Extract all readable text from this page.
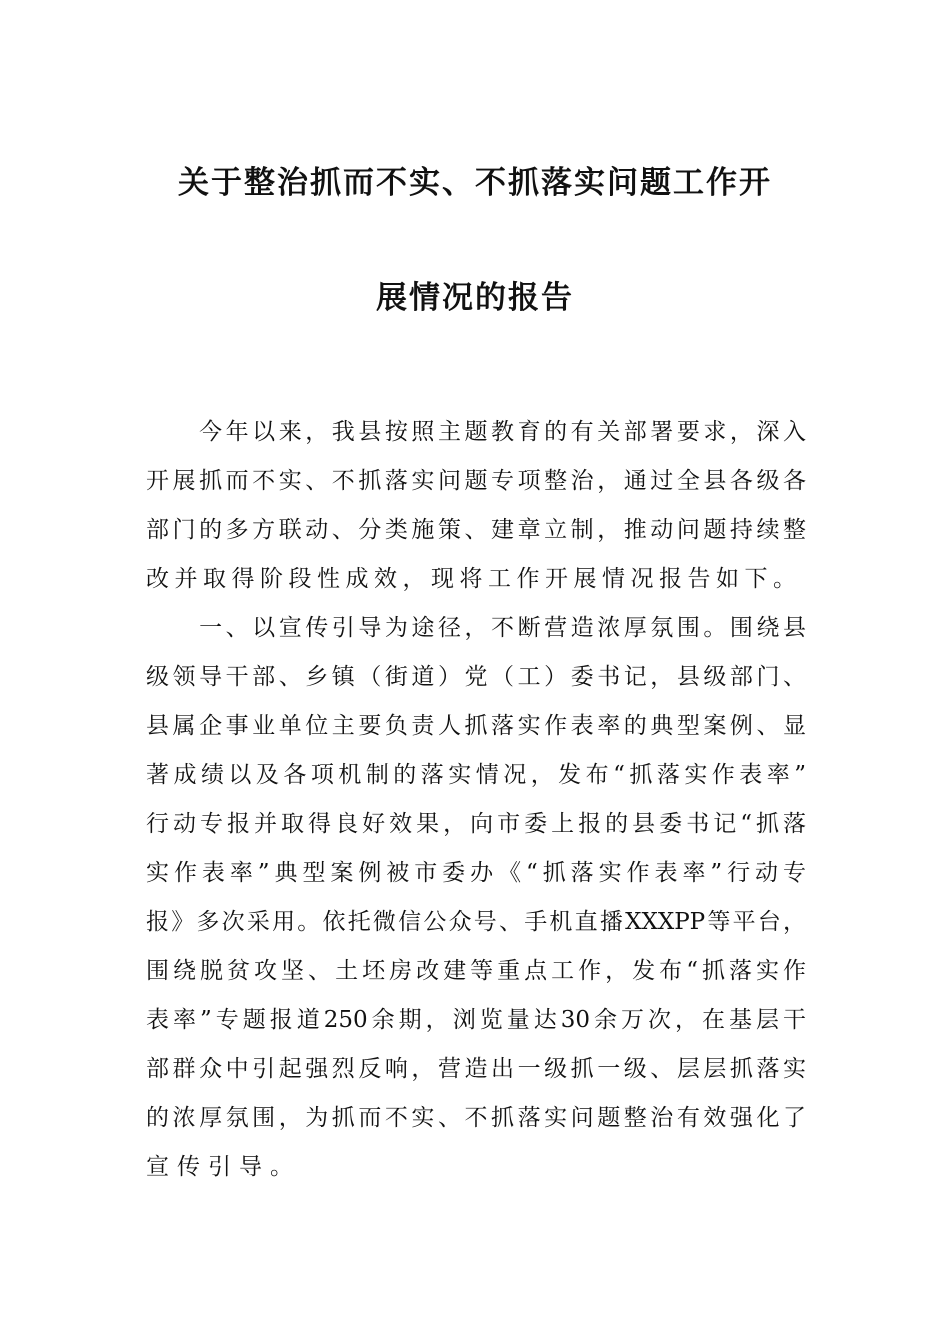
关于整治抓而不实、不抓落实问题工作开
展情况的报告
　　今年以来，我县按照主题教育的有关部署要求，深入
开展抓而不实、不抓落实问题专项整治，通过全县各级各
部门的多方联动、分类施策、建章立制，推动问题持续整
改并取得阶段性成效，现将工作开展情况报告如下。
　　一、以宣传引导为途径，不断营造浓厚氛围。围绕县
级领导干部、乡镇（街道）党（工）委书记，县级部门、
县属企事业单位主要负责人抓落实作表率的典型案例、显
著成绩以及各项机制的落实情况，发布“抓落实作表率”
行动专报并取得良好效果，向市委上报的县委书记“抓落
实作表率”典型案例被市委办《“抓落实作表率”行动专
报》多次采用。依托微信公众号、手机直播XXXPP等平台，
围绕脱贫攻坚、土坯房改建等重点工作，发布“抓落实作
表率”专题报道250余期，浏览量达30余万次，在基层干
部群众中引起强烈反响，营造出一级抓一级、层层抓落实
的浓厚氛围，为抓而不实、不抓落实问题整治有效强化了
宣传引导。
